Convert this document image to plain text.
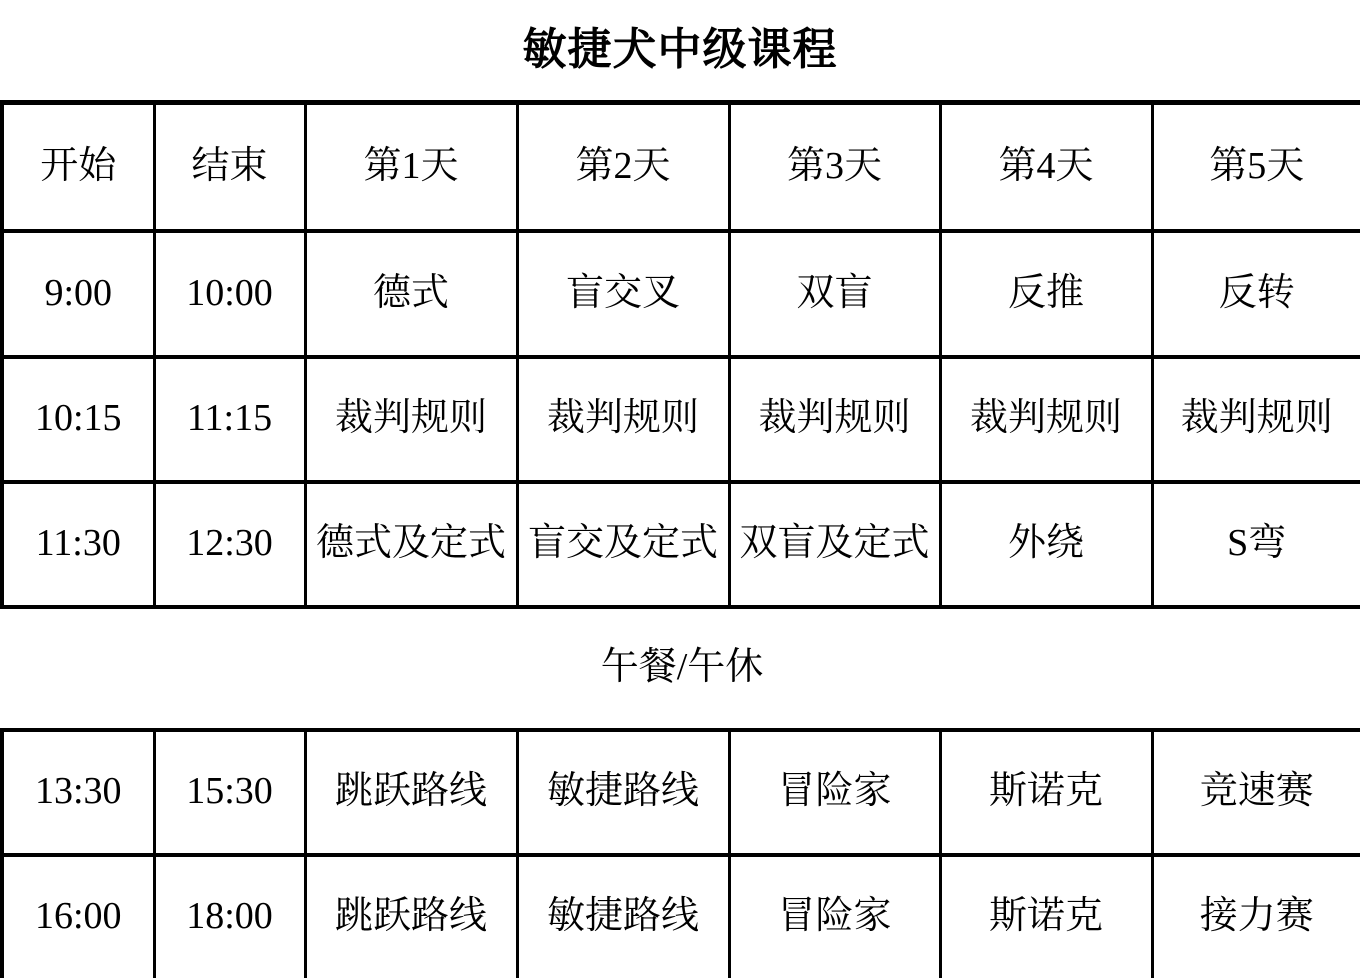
敏捷犬中级课程
开始	结束	第1天	第2天	第3天	第4天	第5天
9:00	10:00	德式	盲交叉	双盲	反推	反转
10:15	11:15	裁判规则	裁判规则	裁判规则	裁判规则	裁判规则
11:30	12:30	德式及定式	盲交及定式	双盲及定式	外绕	S弯
午餐/午休						
13:30	15:30	跳跃路线	敏捷路线	冒险家	斯诺克	竞速赛
16:00	18:00	跳跃路线	敏捷路线	冒险家	斯诺克	接力赛
